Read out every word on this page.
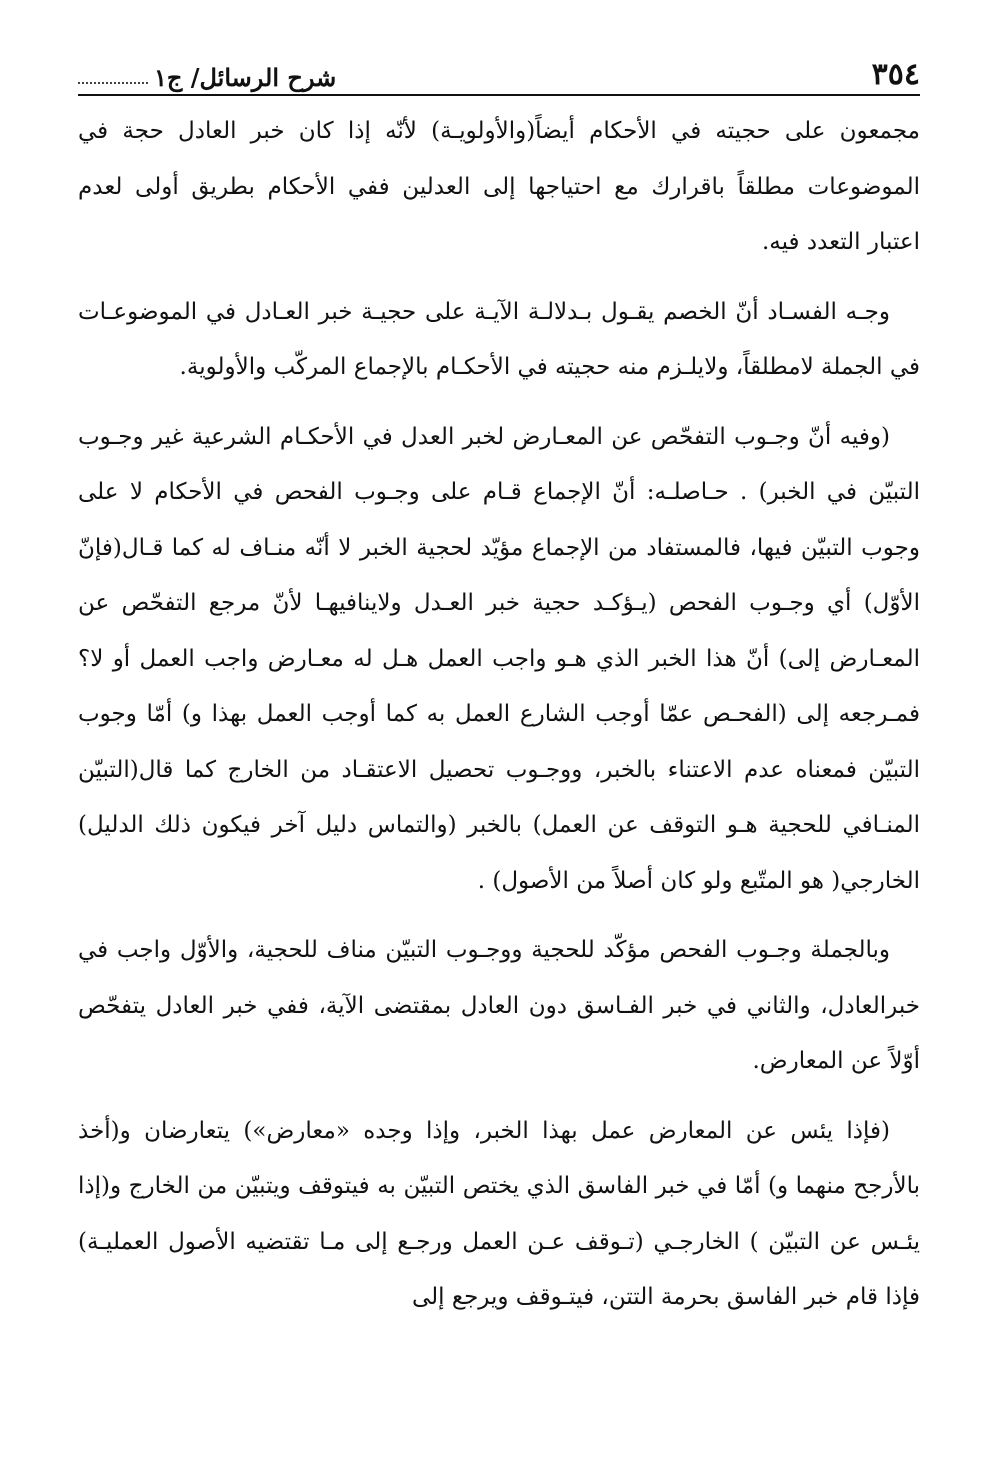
٣٥٤
شرح الرسائل/ ج١

مجمعون على حجيته في الأحكام أيضاً(والأولويـة) لأنّه إذا كان خبر العادل حجة في الموضوعات مطلقاً باقرارك مع احتياجها إلى العدلين ففي الأحكام بطريق أولى لعدم اعتبار التعدد فيه.

وجـه الفسـاد أنّ الخصم يقـول بـدلالـة الآيـة على حجيـة خبر العـادل في الموضوعـات في الجملة لامطلقاً، ولايلـزم منه حجيته في الأحكـام بالإجماع المركّب والأولوية.

(وفيه أنّ وجـوب التفحّص عن المعـارض لخبر العدل في الأحكـام الشرعية غير وجـوب التبيّن في الخبر) . حـاصلـه: أنّ الإجماع قـام على وجـوب الفحص في الأحكام لا على وجوب التبيّن فيها، فالمستفاد من الإجماع مؤيّد لحجية الخبر لا أنّه منـاف له كما قـال(فإنّ الأوّل) أي وجـوب الفحص (يـؤكـد حجية خبر العـدل ولاينافيهـا لأنّ مرجع التفحّص عن المعـارض إلى) أنّ هذا الخبر الذي هـو واجب العمل هـل له معـارض واجب العمل أو لا؟ فمـرجعه إلى (الفحـص عمّا أوجب الشارع العمل به كما أوجب العمل بهذا و) أمّا وجوب التبيّن فمعناه عدم الاعتناء بالخبر، ووجـوب تحصيل الاعتقـاد من الخارج كما قال(التبيّن المنـافي للحجية هـو التوقف عن العمل) بالخبر (والتماس دليل آخر فيكون ذلك الدليل) الخارجي( هو المتّبع ولو كان أصلاً من الأصول) .

وبالجملة وجـوب الفحص مؤكّد للحجية ووجـوب التبيّن مناف للحجية، والأوّل واجب في خبرالعادل، والثاني في خبر الفـاسق دون العادل بمقتضى الآية، ففي خبر العادل يتفحّص أوّلاً عن المعارض.

(فإذا يئس عن المعارض عمل بهذا الخبر، وإذا وجده «معارض») يتعارضان و(أخذ بالأرجح منهما و) أمّا في خبر الفاسق الذي يختص التبيّن به فيتوقف ويتبيّن من الخارج و(إذا يئـس عن التبيّن ) الخارجـي (تـوقف عـن العمل ورجـع إلى مـا تقتضيه الأصول العمليـة) فإذا قام خبر الفاسق بحرمة التتن، فيتـوقف ويرجع إلى
